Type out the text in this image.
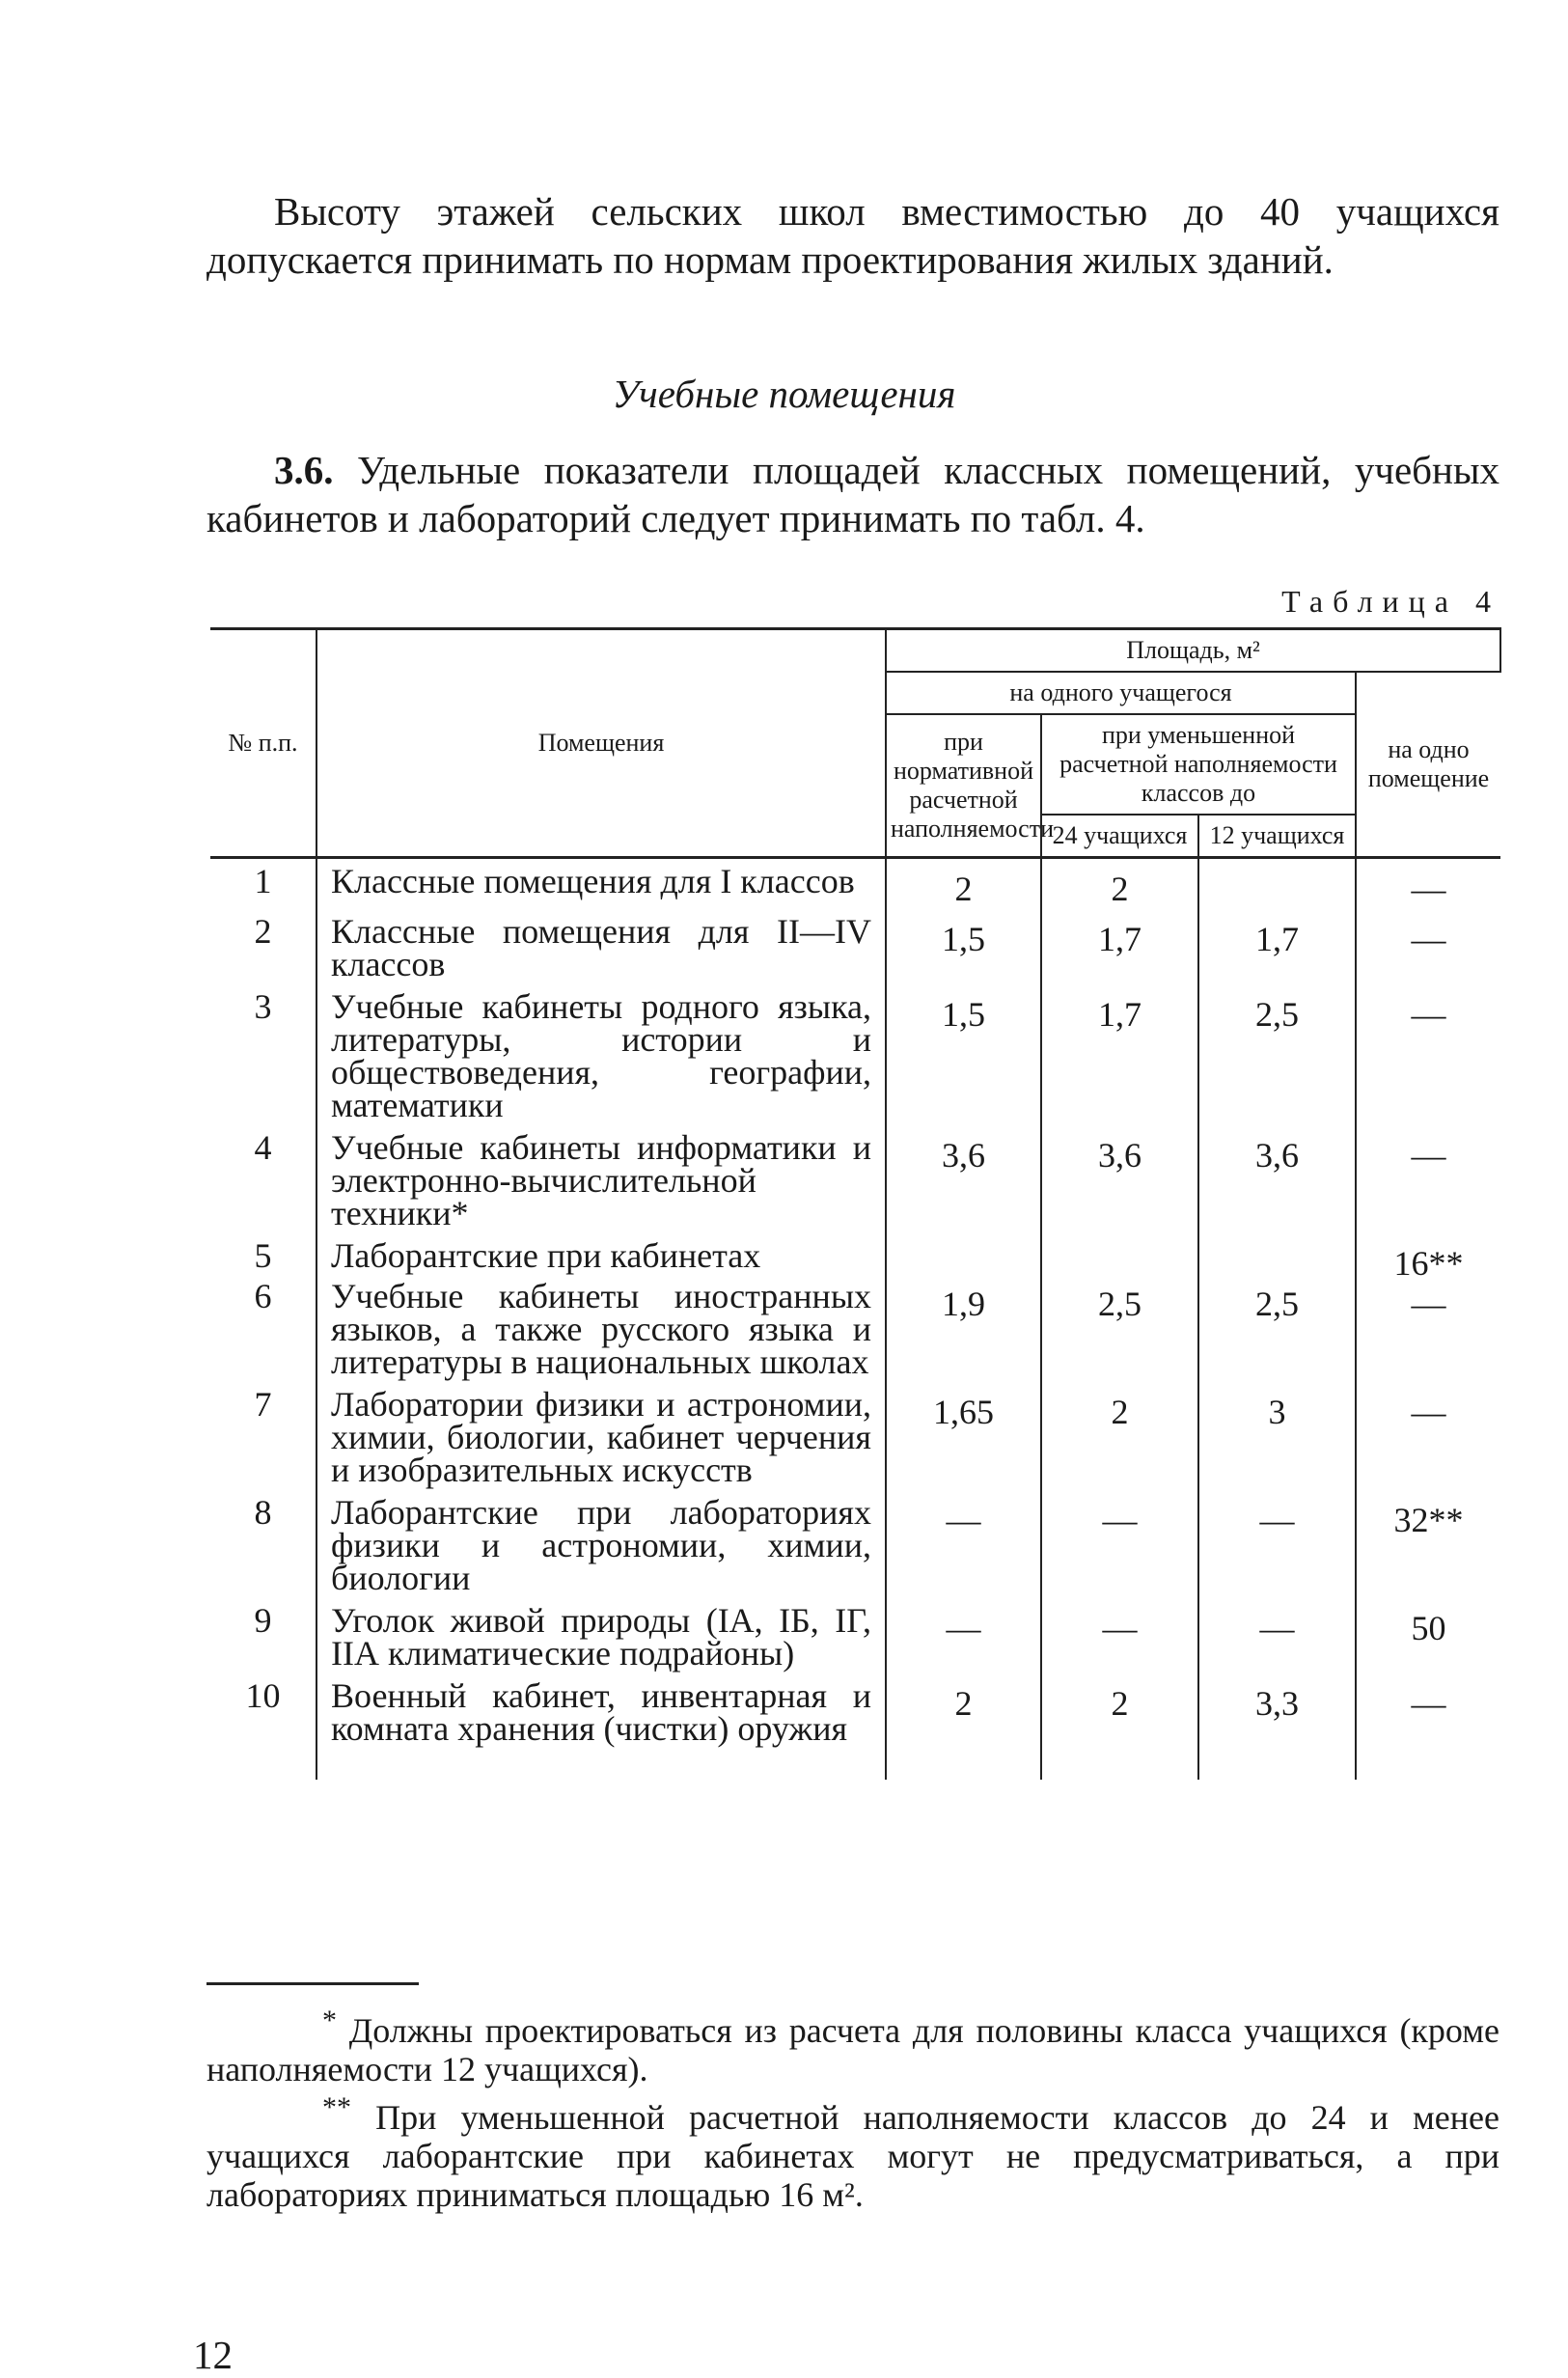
Высоту этажей сельских школ вместимостью до 40 учащихся допускается принимать по нормам проектирования жилых зданий.

Учебные помещения

3.6. Удельные показатели площадей классных помещений, учебных кабинетов и лабораторий следует принимать по табл. 4.

Таблица 4
№ п.п.	Помещения	Площадь, м²			
		на одного учащегося			на одно помещение
		при нормативной расчетной наполняемости	при уменьшенной расчетной наполняемости классов до		
			24 учащихся	12 учащихся	
1	Классные помещения для I классов	2	2		—

2	Классные помещения для II—IV классов	1,5	1,7	1,7	—

3	Учебные кабинеты родного языка, литературы, истории и обществоведения, географии, математики	1,5	1,7	2,5	—

4	Учебные кабинеты информатики и электронно-вычислительной техники*	3,6	3,6	3,6	—

5	Лаборантские при кабинетах				16**

6	Учебные кабинеты иностранных языков, а также русского языка и литературы в национальных школах	1,9	2,5	2,5	—

7	Лаборатории физики и астрономии, химии, биологии, кабинет черчения и изобразительных искусств	1,65	2	3	—

8	Лаборантские при лабораториях физики и астрономии, химии, биологии	—	—	—	32**

9	Уголок живой природы (IA, IБ, IГ, IIА климатические подрайоны)	—	—	—	50

10	Военный кабинет, инвентарная и комната хранения (чистки) оружия	2	2	3,3	—

* Должны проектироваться из расчета для половины класса учащихся (кроме наполняемости 12 учащихся).

** При уменьшенной расчетной наполняемости классов до 24 и менее учащихся лаборантские при кабинетах могут не предусматриваться, а при лабораториях приниматься площадью 16 м².

12
